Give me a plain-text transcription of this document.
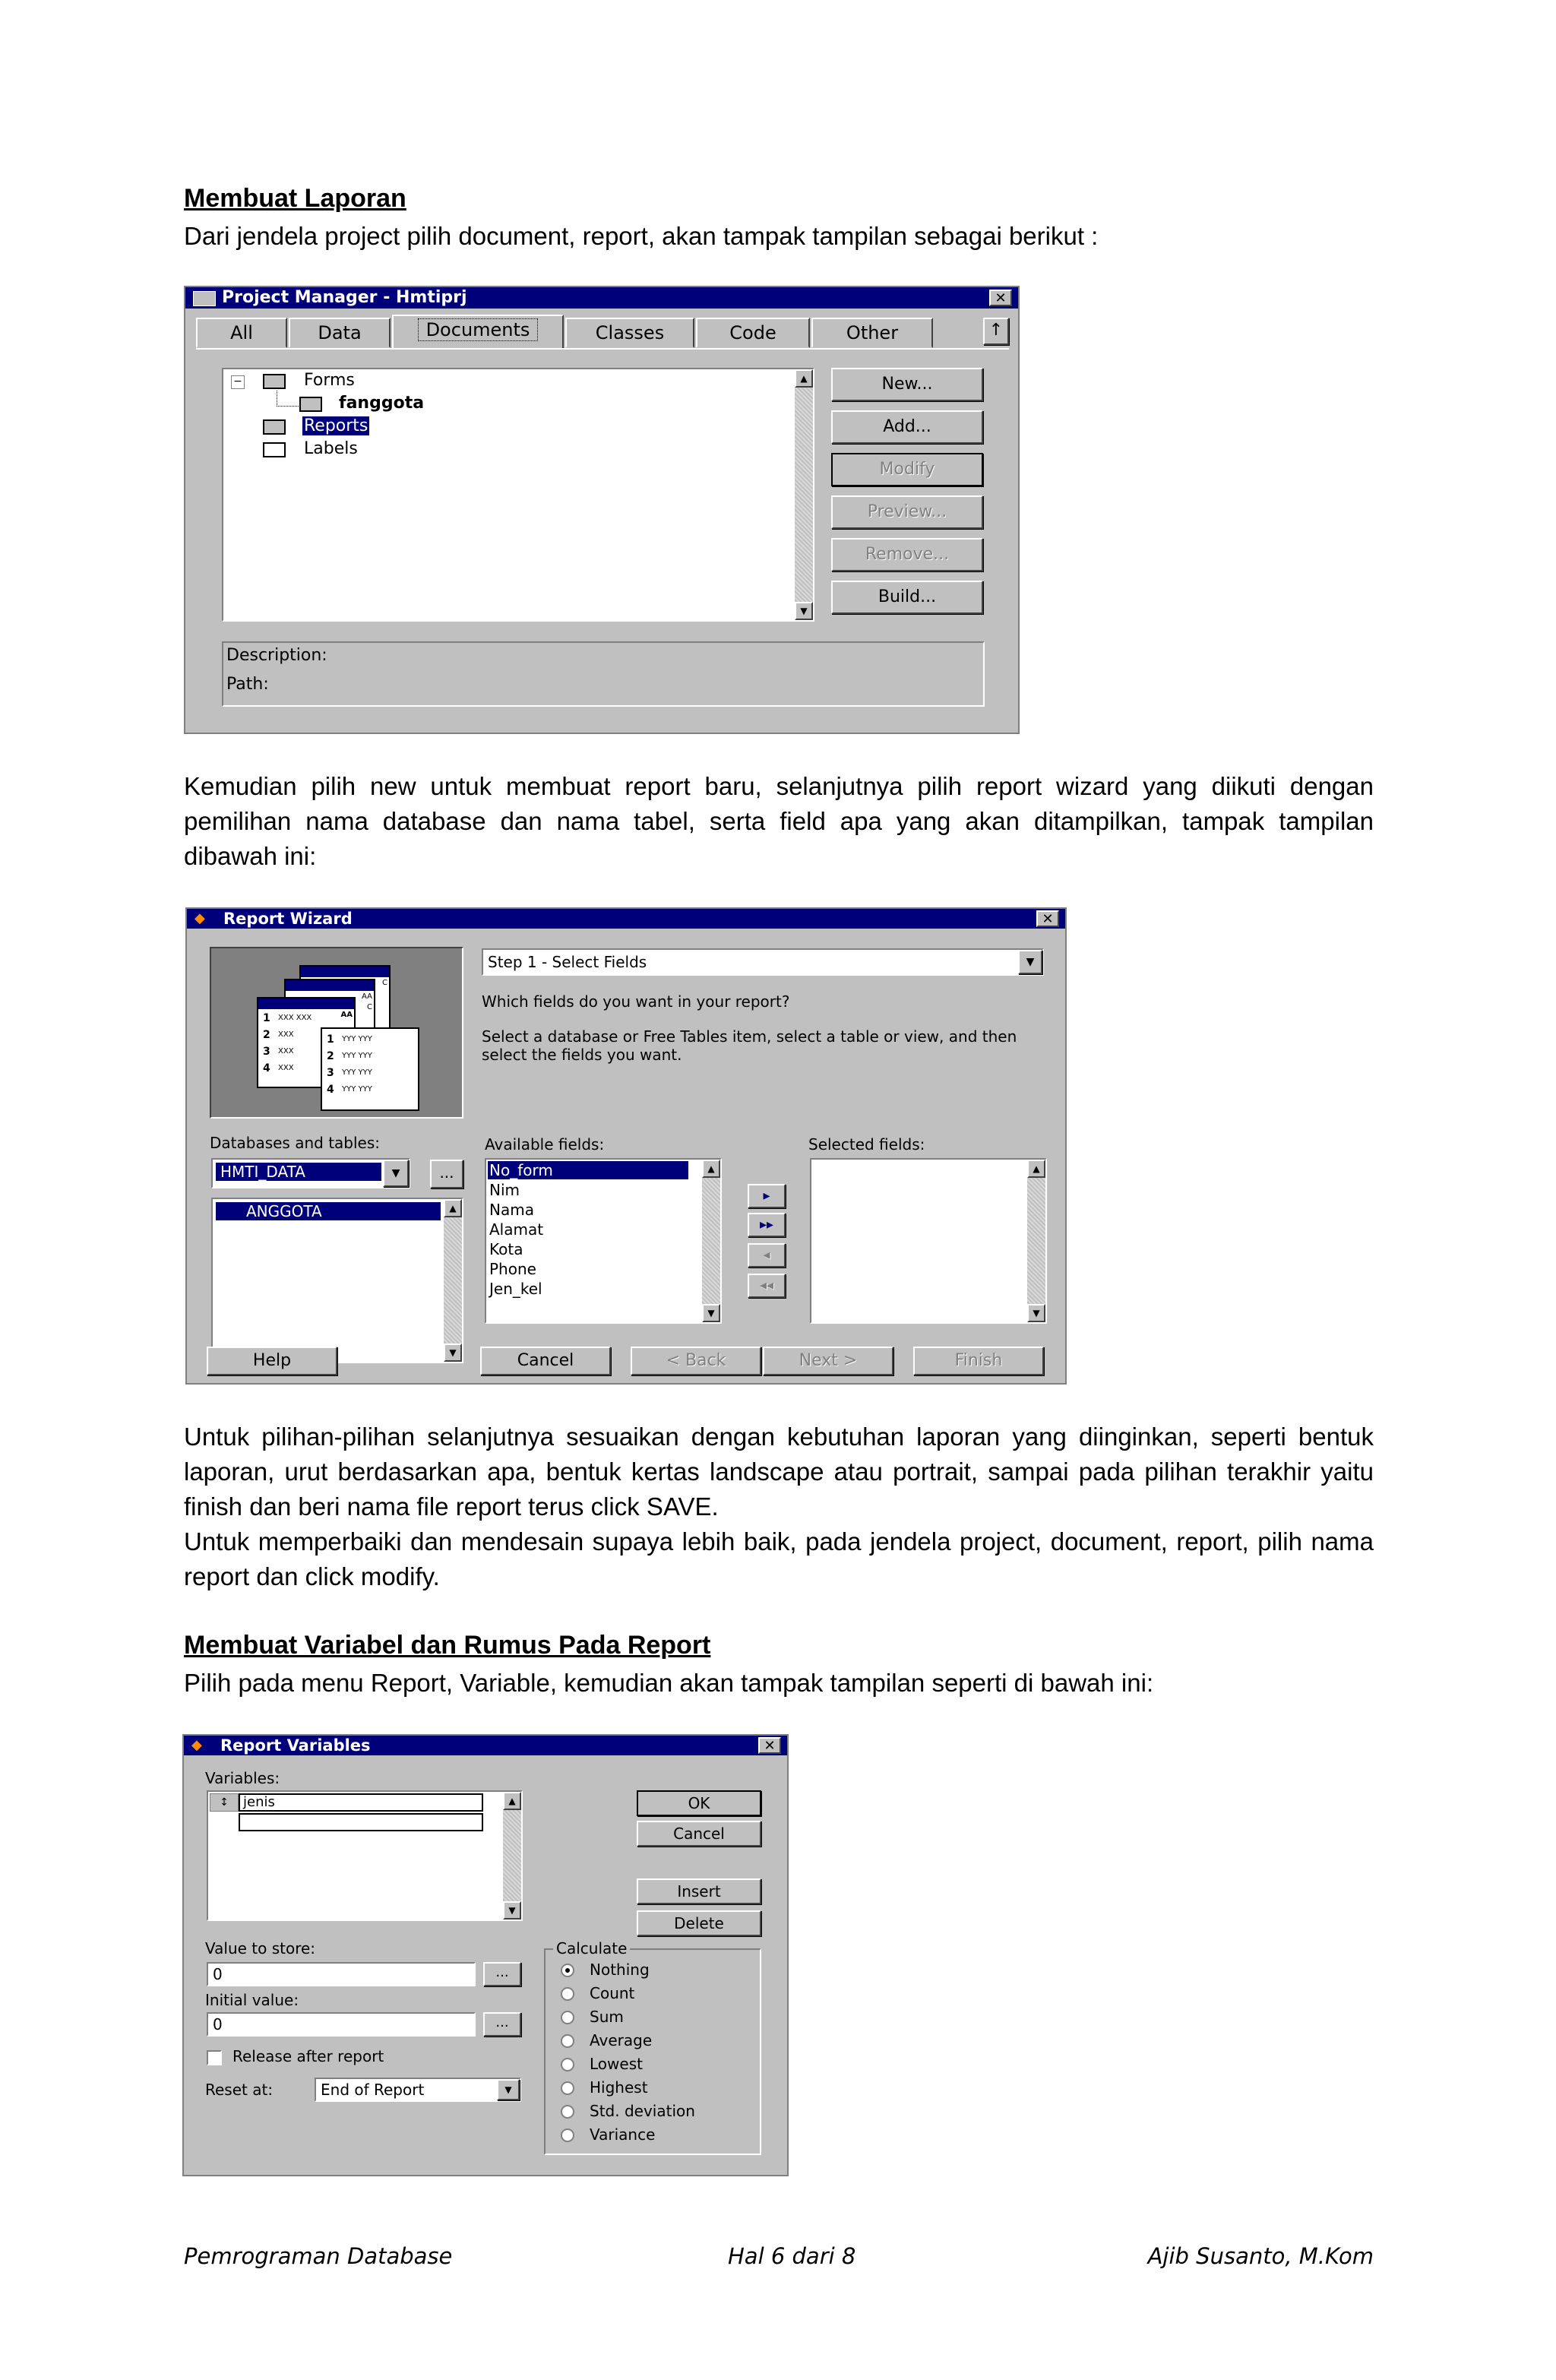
Membuat Laporan
Dari jendela project pilih document, report, akan tampak tampilan sebagai berikut :
Project Manager - Hmtiprj	✕
All	Data	Documents	Classes	Code	Other	↑
−	Forms
fanggota
Reports
Labels
▲
▼
New...
Add...
Modify
Preview...
Remove...
Build...
Description:
Path:
Kemudian pilih new untuk membuat report baru, selanjutnya pilih report wizard yang diikuti dengan pemilihan nama database dan nama tabel, serta field apa yang akan ditampilkan, tampak tampilan dibawah ini:
◆	Report Wizard	✕
C
AA
C
AA
1 XXX XXX
2 XXX
3 XXX
4 XXX
1 YYY YYY
2 YYY YYY
3 YYY YYY
4 YYY YYY
Step 1 - Select Fields	▼
Which fields do you want in your report?
Select a database or Free Tables item, select a table or view, and then select the fields you want.
Databases and tables:
HMTI_DATA	▼	...
ANGGOTA	▲
▼
Available fields:
No_form
Nim
Nama
Alamat
Kota
Phone
Jen_kel
▲
▼
▸
▸▸
◂
◂◂
Selected fields:
▲
▼
Help	Cancel	< Back	Next >	Finish
Untuk pilihan-pilihan selanjutnya sesuaikan dengan kebutuhan laporan yang diinginkan, seperti bentuk laporan, urut berdasarkan apa, bentuk kertas landscape atau portrait, sampai pada pilihan terakhir yaitu finish dan beri nama file report terus click SAVE.
Untuk memperbaiki dan mendesain supaya lebih baik, pada jendela project, document, report, pilih nama report dan click modify.
Membuat Variabel dan Rumus Pada Report
Pilih pada menu Report, Variable, kemudian akan tampak tampilan seperti di bawah ini:
◆	Report Variables	✕
Variables:
↕	jenis	▲
▼
OK
Cancel
Insert
Delete
Value to store:
0	...
Initial value:
0	...
Release after report
Reset at:	End of Report	▼
Calculate
Nothing
Count
Sum
Average
Lowest
Highest
Std. deviation
Variance
Pemrograman Database	Hal 6 dari 8	Ajib Susanto, M.Kom
